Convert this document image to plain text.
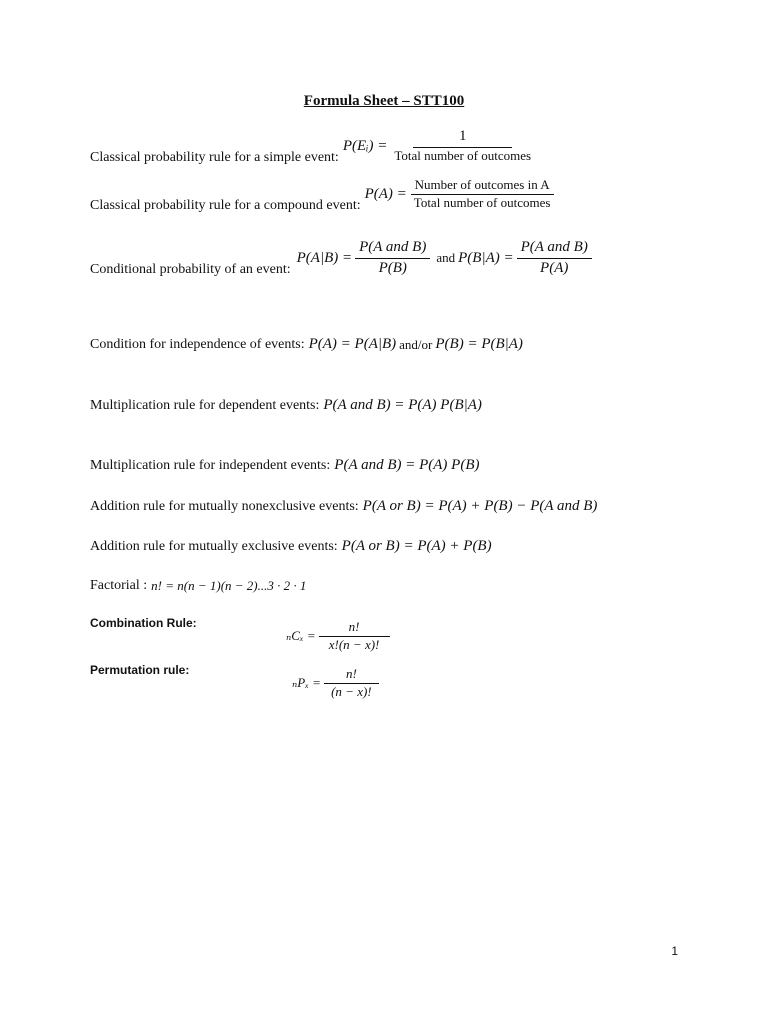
Formula Sheet – STT100
Classical probability rule for a simple event:
P(Eᵢ) = $\frac{1}{\text{Total number of outcomes}}$
Classical probability rule for a compound event:
$P(A) = \frac{\text{Number of outcomes in A}}{\text{Total number of outcomes}}$
Conditional probability of an event:
$P(A|B) = \frac{\text{P(A and B)}}{P(B)}$ and $P(B|A) = \frac{\text{P(A and B)}}{P(A)}$
Condition for independence of events: P(A) = P(A|B) and/or P(B) = P(B|A)
Multiplication rule for dependent events: P(A and B) = P(A) P(B|A)
Multiplication rule for independent events: P(A and B) = P(A) P(B)
Addition rule for mutually nonexclusive events: P(A or B) = P(A) + P(B) − P(A and B)
Addition rule for mutually exclusive events: P(A or B) = P(A) + P(B)
Factorial : n! = n(n − 1)(n − 2)...3 · 2 · 1
Combination Rule:
$_nC_x = \frac{n!}{x!(n - x)!}$
Permutation rule:
$_nP_x = \frac{n!}{(n - x)!}$
1
